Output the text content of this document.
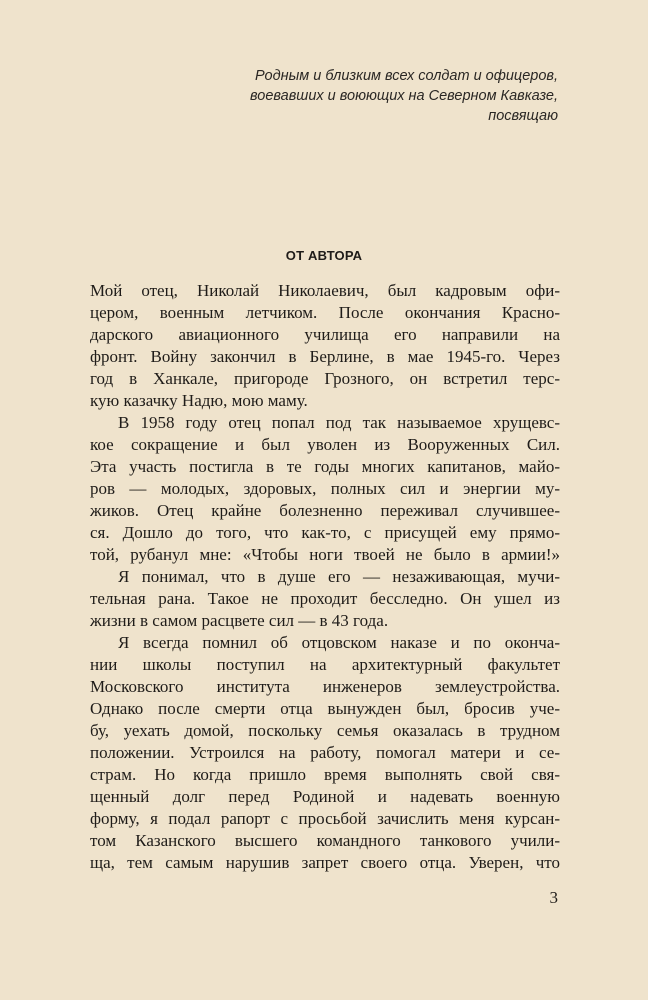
Родным и близким всех солдат и офицеров,
воевавших и воюющих на Северном Кавказе,
посвящаю
ОТ АВТОРА
Мой отец, Николай Николаевич, был кадровым офи-
цером, военным летчиком. После окончания Красно-
дарского авиационного училища его направили на
фронт. Войну закончил в Берлине, в мае 1945-го. Через
год в Ханкале, пригороде Грозного, он встретил терс-
кую казачку Надю, мою маму.
В 1958 году отец попал под так называемое хрущевс-
кое сокращение и был уволен из Вооруженных Сил.
Эта участь постигла в те годы многих капитанов, майо-
ров — молодых, здоровых, полных сил и энергии му-
жиков. Отец крайне болезненно переживал случившее-
ся. Дошло до того, что как-то, с присущей ему прямо-
той, рубанул мне: «Чтобы ноги твоей не было в армии!»
Я понимал, что в душе его — незаживающая, мучи-
тельная рана. Такое не проходит бесследно. Он ушел из
жизни в самом расцвете сил — в 43 года.
Я всегда помнил об отцовском наказе и по оконча-
нии школы поступил на архитектурный факультет
Московского института инженеров землеустройства.
Однако после смерти отца вынужден был, бросив уче-
бу, уехать домой, поскольку семья оказалась в трудном
положении. Устроился на работу, помогал матери и се-
страм. Но когда пришло время выполнять свой свя-
щенный долг перед Родиной и надевать военную
форму, я подал рапорт с просьбой зачислить меня курсан-
том Казанского высшего командного танкового учили-
ща, тем самым нарушив запрет своего отца. Уверен, что
3
